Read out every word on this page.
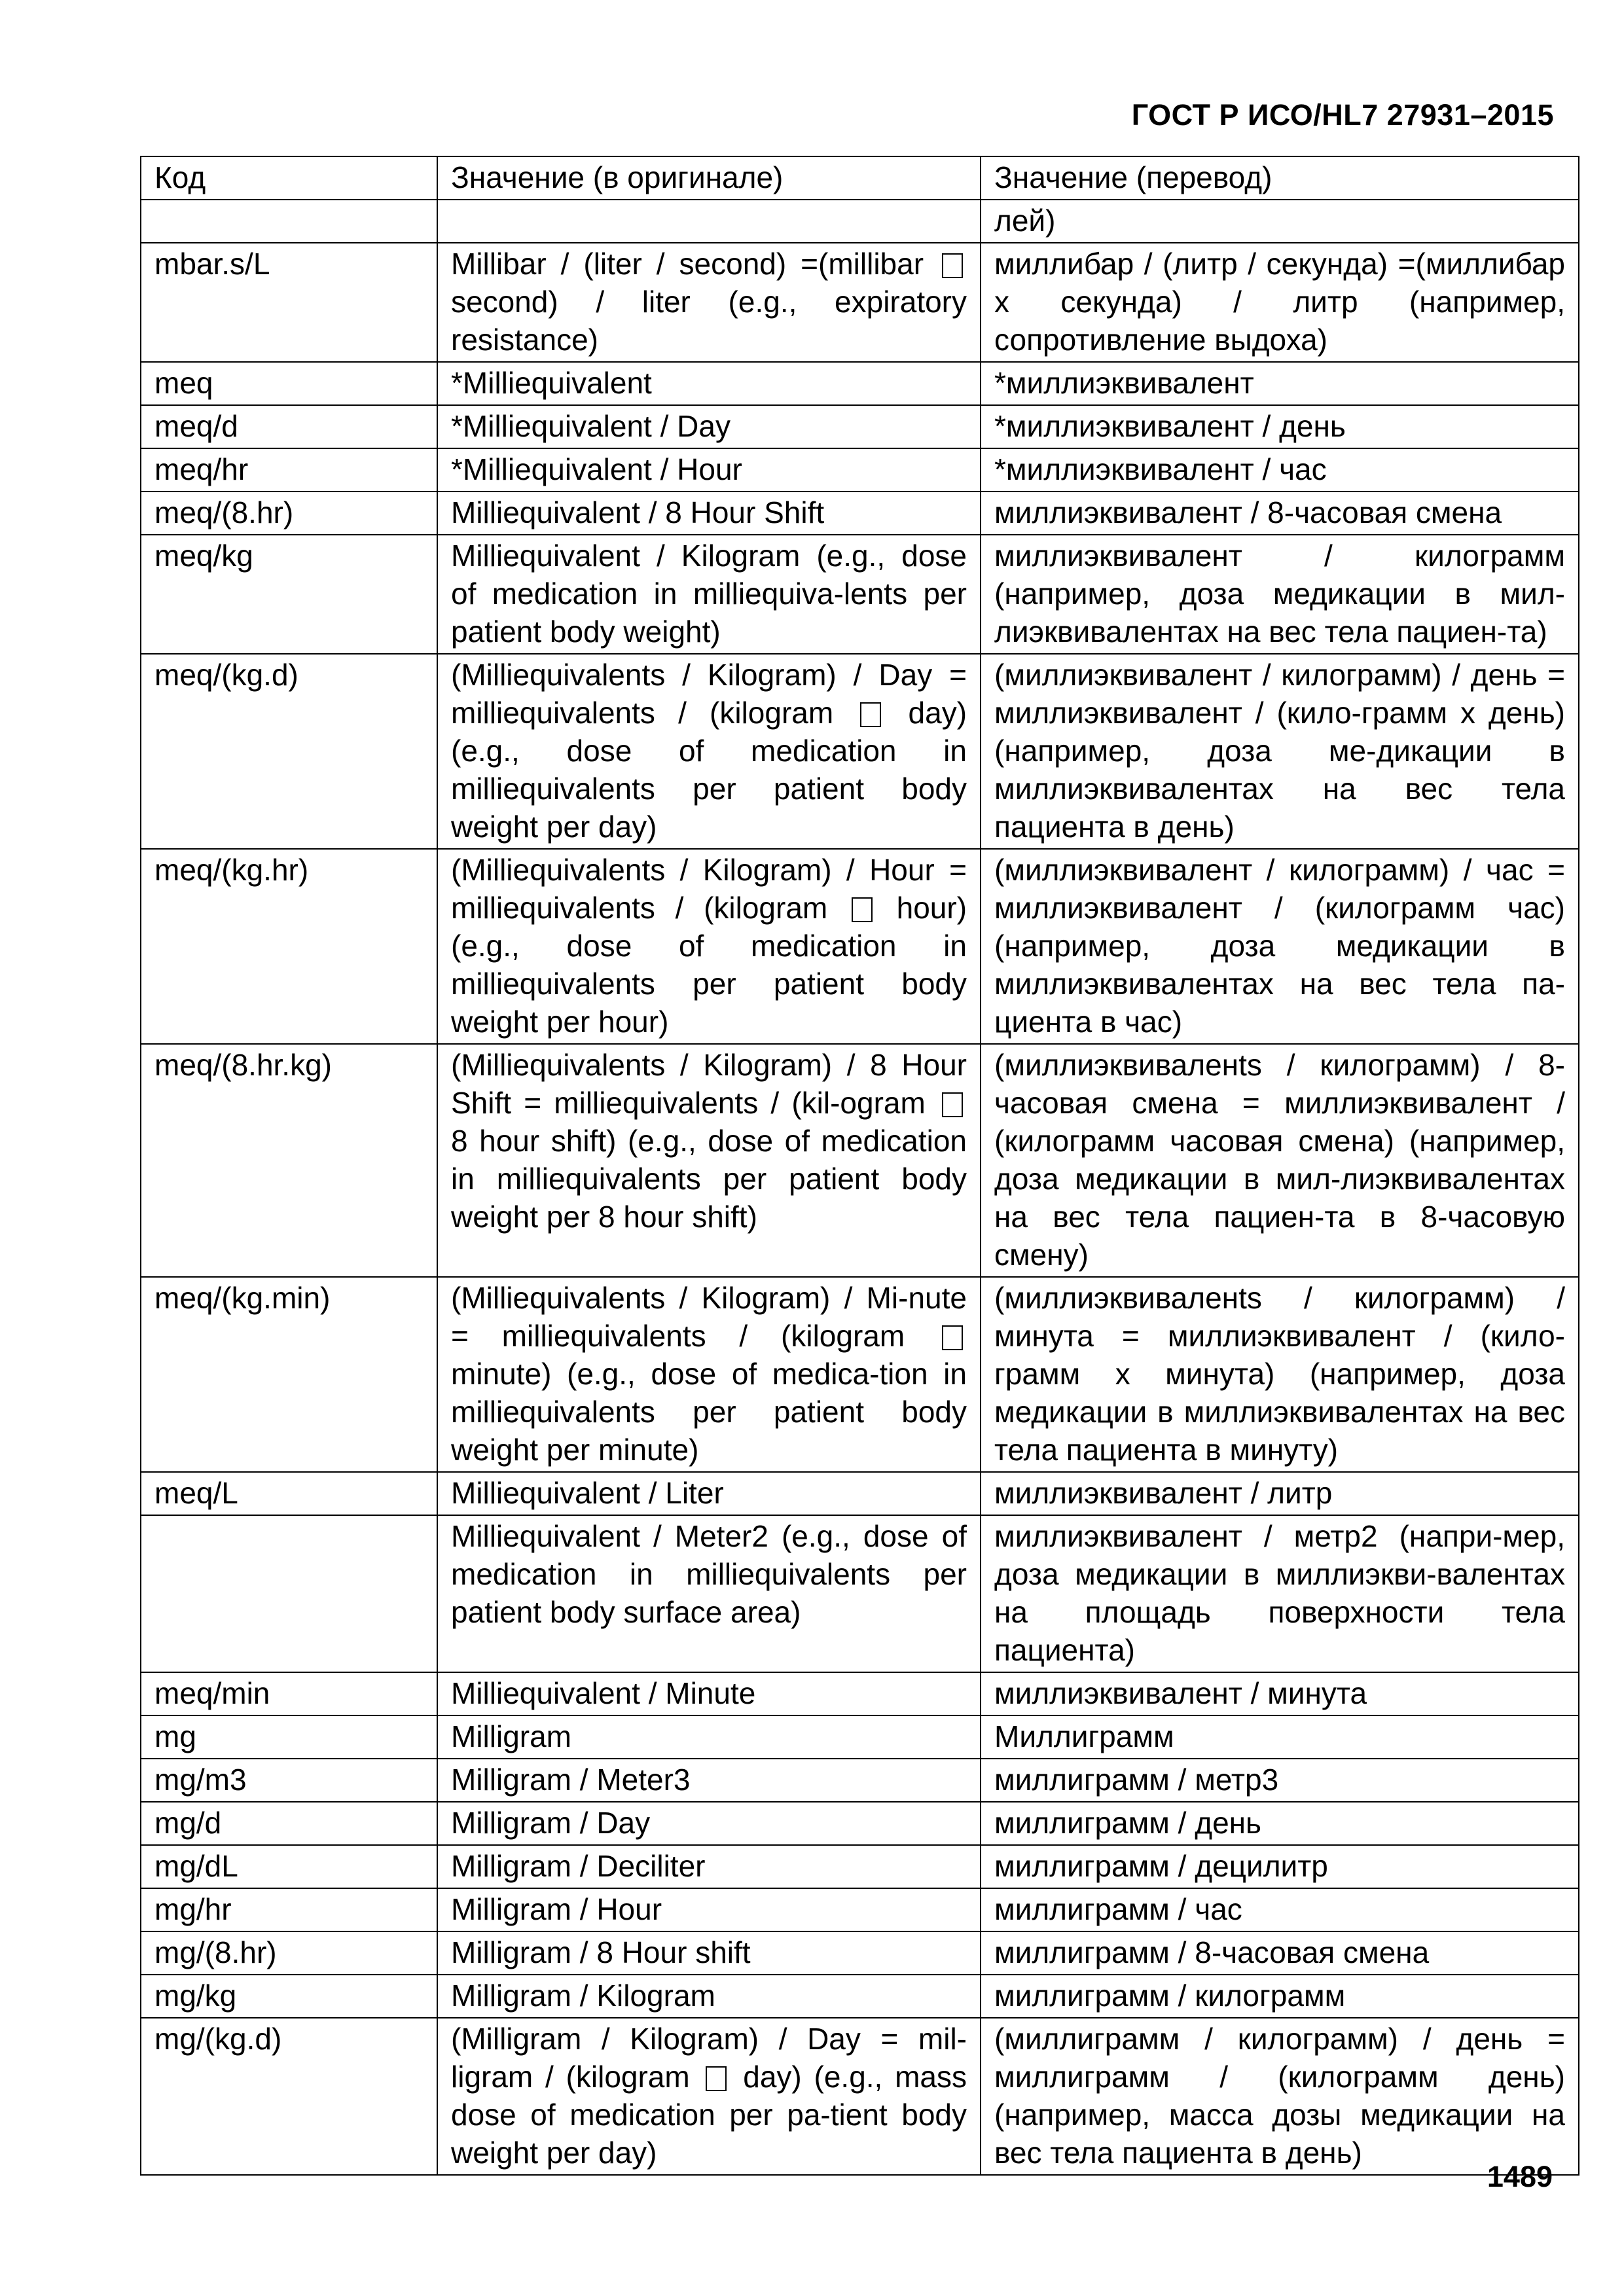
ГОСТ Р ИСО/HL7 27931–2015
Код	Значение (в оригинале)	Значение (перевод)
		лей)
mbar.s/L	Millibar / (liter / second) =(millibar  second) / liter (e.g., expiratory resistance)	миллибар / (литр / секунда) =(миллибар х секунда) / литр (например, сопротивление выдоха)
meq	*Milliequivalent	*миллиэквивалент
meq/d	*Milliequivalent / Day	*миллиэквивалент / день
meq/hr	*Milliequivalent / Hour	*миллиэквивалент / час
meq/(8.hr)	Milliequivalent / 8 Hour Shift	миллиэквивалент / 8-часовая смена
meq/kg	Milliequivalent / Kilogram (e.g., dose of medication in milliequiva-lents per patient body weight)	миллиэквивалент / килограмм (например, доза медикации в мил-лиэквивалентах на вес тела пациен-та)
meq/(kg.d)	(Milliequivalents / Kilogram) / Day = milliequivalents / (kilogram day) (e.g., dose of medication in milliequivalents per patient body weight per day)	(миллиэквивалент / килограмм) / день = миллиэквивалент / (кило-грамм х день) (например, доза ме-дикации в миллиэквивалентах на вес тела пациента в день)
meq/(kg.hr)	(Milliequivalents / Kilogram) / Hour = milliequivalents / (kilogram hour) (e.g., dose of medication in milliequivalents per patient body weight per hour)	(миллиэквивалент / килограмм) / час = миллиэквивалент / (килограмм час) (например, доза медикации в миллиэквивалентах на вес тела па-циента в час)
meq/(8.hr.kg)	(Milliequivalents / Kilogram) / 8 Hour Shift = milliequivalents / (kil-ogram  8 hour shift) (e.g., dose of medication in milliequivalents per patient body weight per 8 hour shift)	(миллиэквиваленts / килограмм) / 8-часовая смена = миллиэквивалент / (килограмм часовая смена) (например, доза медикации в мил-лиэквивалентах на вес тела пациен-та в 8-часовую смену)
meq/(kg.min)	(Milliequivalents / Kilogram) / Mi-nute = milliequivalents / (kilogram  minute) (e.g., dose of medica-tion in milliequivalents per patient body weight per minute)	(миллиэквиваленts / килограмм) / минута = миллиэквивалент / (кило-грамм х минута) (например, доза медикации в миллиэквивалентах на вес тела пациента в минуту)
meq/L	Milliequivalent / Liter	миллиэквивалент / литр
	Milliequivalent / Meter2 (e.g., dose of medication in milliequivalents per patient body surface area)	миллиэквивалент / метр2 (напри-мер, доза медикации в миллиэкви-валентах на площадь поверхности тела пациента)
meq/min	Milliequivalent / Minute	миллиэквивалент / минута
mg	Milligram	Миллиграмм
mg/m3	Milligram / Meter3	миллиграмм / метр3
mg/d	Milligram / Day	миллиграмм / день
mg/dL	Milligram / Deciliter	миллиграмм / децилитр
mg/hr	Milligram / Hour	миллиграмм / час
mg/(8.hr)	Milligram / 8 Hour shift	миллиграмм / 8-часовая смена
mg/kg	Milligram / Kilogram	миллиграмм / килограмм
mg/(kg.d)	(Milligram / Kilogram) / Day = mil-ligram / (kilogram day) (e.g., mass dose of medication per pa-tient body weight per day)	(миллиграмм / килограмм) / день = миллиграмм / (килограмм день) (например, масса дозы медикации на вес тела пациента в день)
1489
